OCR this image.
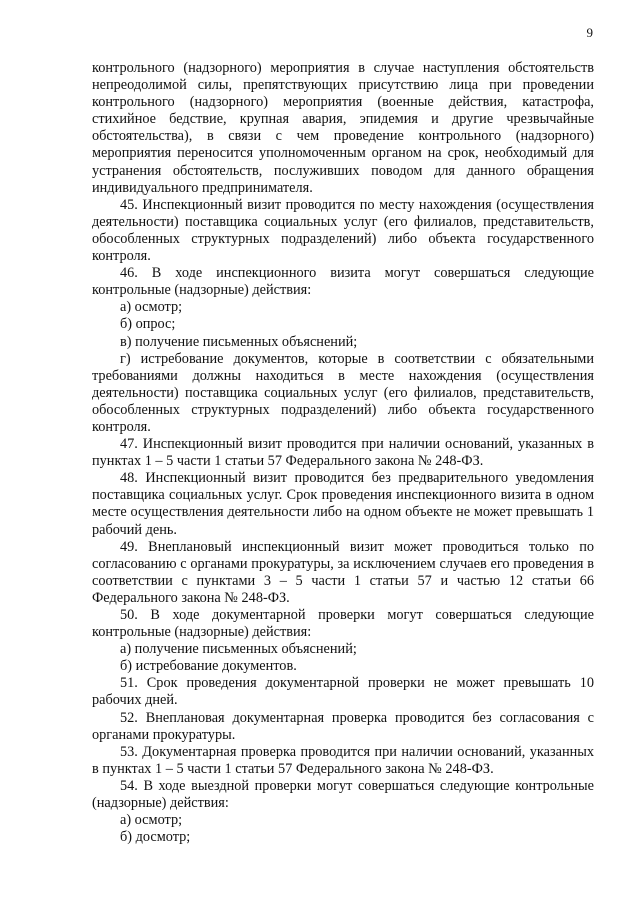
9

контрольного (надзорного) мероприятия в случае наступления обстоятельств непреодолимой силы, препятствующих присутствию лица при проведении контрольного (надзорного) мероприятия (военные действия, катастрофа, стихийное бедствие, крупная авария, эпидемия и другие чрезвычайные обстоятельства), в связи с чем проведение контрольного (надзорного) мероприятия переносится уполномоченным органом на срок, необходимый для устранения обстоятельств, послуживших поводом для данного обращения индивидуального предпринимателя.

45. Инспекционный визит проводится по месту нахождения (осуществления деятельности) поставщика социальных услуг (его филиалов, представительств, обособленных структурных подразделений) либо объекта государственного контроля.

46. В ходе инспекционного визита могут совершаться следующие контрольные (надзорные) действия:

а) осмотр;

б) опрос;

в) получение письменных объяснений;

г) истребование документов, которые в соответствии с обязательными требованиями должны находиться в месте нахождения (осуществления деятельности) поставщика социальных услуг (его филиалов, представительств, обособленных структурных подразделений) либо объекта государственного контроля.

47. Инспекционный визит проводится при наличии оснований, указанных в пунктах 1 – 5 части 1 статьи 57 Федерального закона № 248-ФЗ.

48. Инспекционный визит проводится без предварительного уведомления поставщика социальных услуг. Срок проведения инспекционного визита в одном месте осуществления деятельности либо на одном объекте не может превышать 1 рабочий день.

49. Внеплановый инспекционный визит может проводиться только по согласованию с органами прокуратуры, за исключением случаев его проведения в соответствии с пунктами 3 – 5 части 1 статьи 57 и частью 12 статьи 66 Федерального закона № 248-ФЗ.

50. В ходе документарной проверки могут совершаться следующие контрольные (надзорные) действия:

а) получение письменных объяснений;

б) истребование документов.

51. Срок проведения документарной проверки не может превышать 10 рабочих дней.

52. Внеплановая документарная проверка проводится без согласования с органами прокуратуры.

53. Документарная проверка проводится при наличии оснований, указанных в пунктах 1 – 5 части 1 статьи 57 Федерального закона № 248-ФЗ.

54. В ходе выездной проверки могут совершаться следующие контрольные (надзорные) действия:

а) осмотр;

б) досмотр;
